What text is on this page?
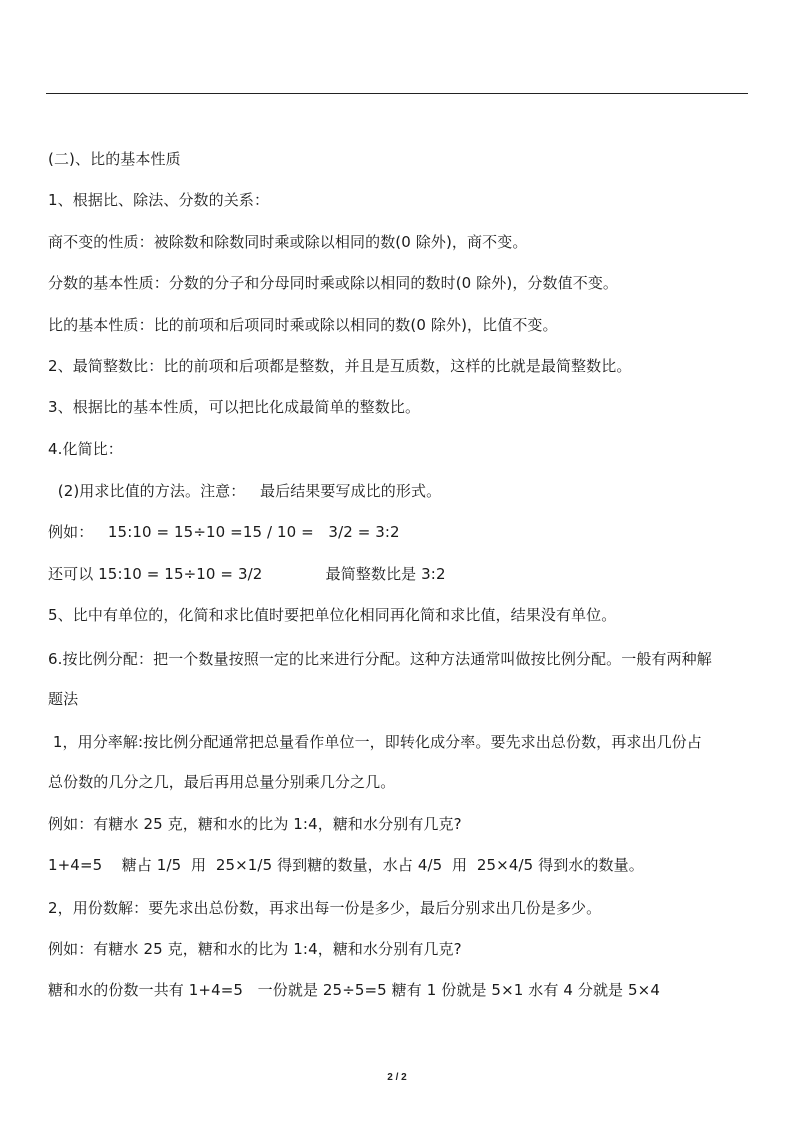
(二)、比的基本性质

1、根据比、除法、分数的关系：

商不变的性质：被除数和除数同时乘或除以相同的数(0 除外)，商不变。

分数的基本性质：分数的分子和分母同时乘或除以相同的数时(0 除外)，分数值不变。

比的基本性质：比的前项和后项同时乘或除以相同的数(0 除外)，比值不变。

2、最简整数比：比的前项和后项都是整数，并且是互质数，这样的比就是最简整数比。

3、根据比的基本性质，可以把比化成最简单的整数比。

4.化简比：

(2)用求比值的方法。注意：   最后结果要写成比的形式。

例如：   15:10 = 15÷10 =15 / 10 =   3/2 = 3:2

还可以 15:10 = 15÷10 = 3/2             最简整数比是 3:2

5、比中有单位的，化简和求比值时要把单位化相同再化简和求比值，结果没有单位。

6.按比例分配：把一个数量按照一定的比来进行分配。这种方法通常叫做按比例分配。一般有两种解

题法

1，用分率解:按比例分配通常把总量看作单位一，即转化成分率。要先求出总份数，再求出几份占

总份数的几分之几，最后再用总量分别乘几分之几。

例如：有糖水 25 克，糖和水的比为 1:4，糖和水分别有几克?

1+4=5    糖占 1/5  用  25×1/5 得到糖的数量，水占 4/5  用  25×4/5 得到水的数量。

2，用份数解：要先求出总份数，再求出每一份是多少，最后分别求出几份是多少。

例如：有糖水 25 克，糖和水的比为 1:4，糖和水分别有几克?

糖和水的份数一共有 1+4=5   一份就是 25÷5=5 糖有 1 份就是 5×1 水有 4 分就是 5×4

2 / 2
